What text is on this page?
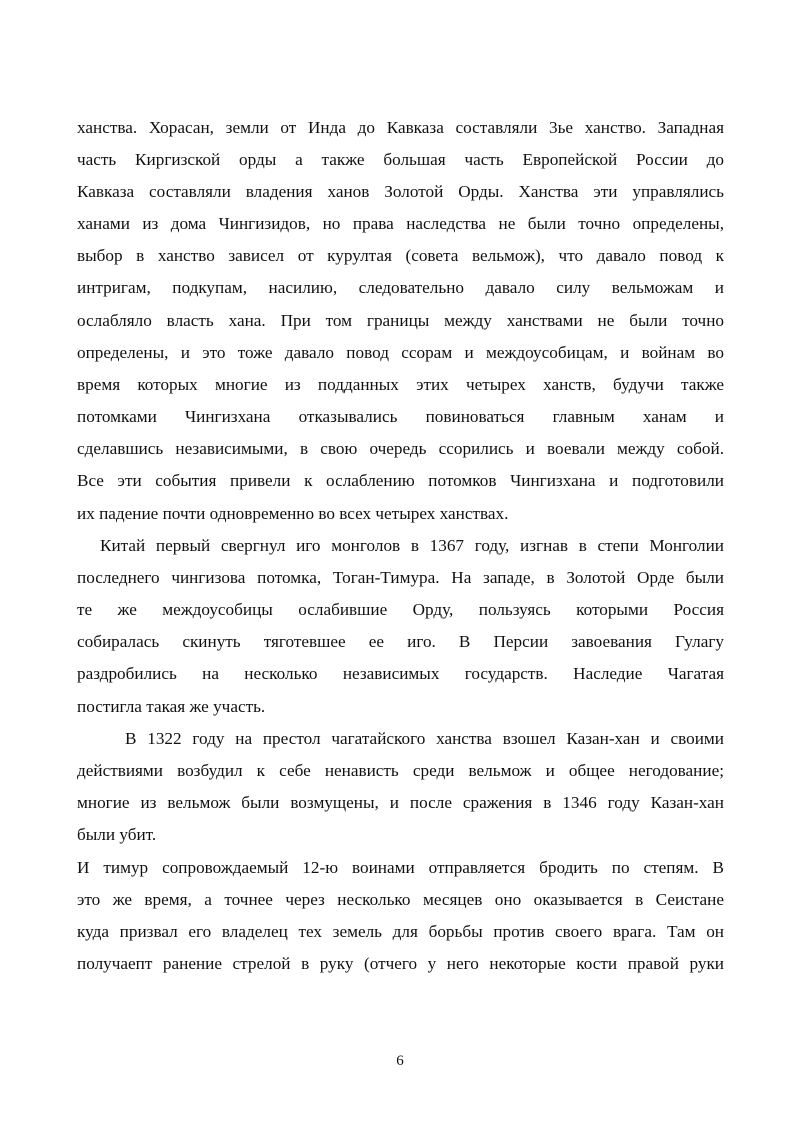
ханства. Хорасан, земли от Инда до Кавказа составляли 3ье ханство. Западная
часть Киргизской орды а также большая часть Европейской России до
Кавказа составляли владения ханов Золотой Орды. Ханства эти управлялись
ханами из дома Чингизидов, но права наследства не были точно определены,
выбор в ханство зависел от курултая (совета вельмож), что давало повод к
интригам, подкупам, насилию, следовательно давало силу вельможам и
ослабляло власть хана. При том границы между ханствами не были точно
определены, и это тоже давало повод ссорам и междоусобицам, и войнам во
время которых многие из подданных этих четырех ханств, будучи также
потомками Чингизхана отказывались повиноваться главным ханам и
сделавшись независимыми, в свою очередь ссорились и воевали между собой.
Все эти события привели к ослаблению потомков Чингизхана и подготовили
их падение почти одновременно во всех четырех ханствах.
Китай первый свергнул иго монголов в 1367 году, изгнав в степи Монголии
последнего чингизова потомка, Тоган-Тимура. На западе, в Золотой Орде были
те же междоусобицы ослабившие Орду, пользуясь которыми Россия
собиралась скинуть тяготевшее ее иго. В Персии завоевания Гулагу
раздробились на несколько независимых государств. Наследие Чагатая
постигла такая же участь.
В 1322 году на престол чагатайского ханства взошел Казан-хан и своими
действиями возбудил к себе ненависть среди вельмож и общее негодование;
многие из вельмож были возмущены, и после сражения в 1346 году Казан-хан
были убит.
И тимур сопровождаемый 12-ю воинами отправляется бродить по степям. В
это же время, а точнее через несколько месяцев оно оказывается в Сеистане
куда призвал его владелец тех земель для борьбы против своего врага. Там он
получаепт ранение стрелой в руку (отчего у него некоторые кости правой руки
6
